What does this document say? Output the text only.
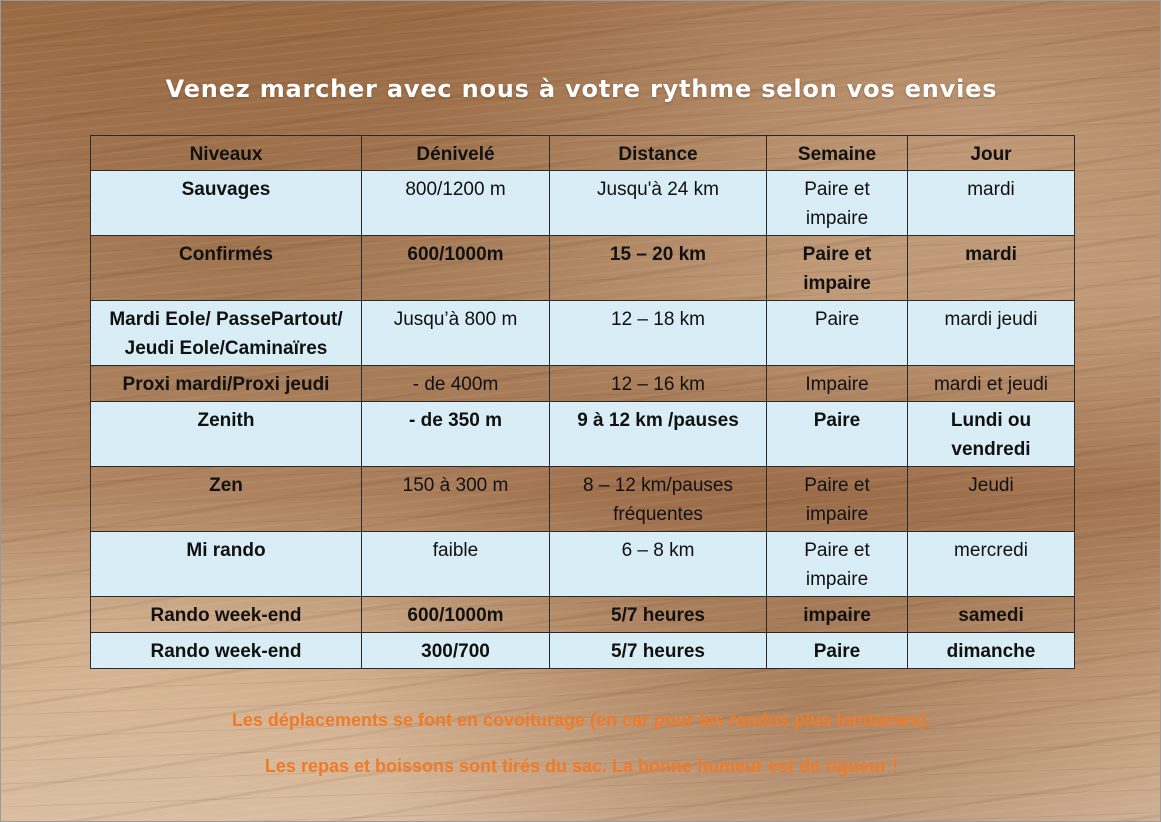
Venez marcher avec nous à votre rythme selon vos envies
Niveaux	Dénivelé	Distance	Semaine	Jour
Sauvages	800/1200 m	Jusqu'à 24 km	Paire et impaire	mardi
Confirmés	600/1000m	15 – 20 km	Paire et impaire	mardi
Mardi Eole/ PassePartout/ Jeudi Eole/Caminaïres	Jusqu’à 800 m	12 – 18 km	Paire	mardi jeudi
Proxi mardi/Proxi jeudi	- de 400m	12 – 16 km	Impaire	mardi et jeudi
Zenith	- de 350 m	9 à 12 km /pauses	Paire	Lundi ou vendredi
Zen	150 à 300 m	8 – 12 km/pauses fréquentes	Paire et impaire	Jeudi
Mi rando	faible	6 – 8 km	Paire et impaire	mercredi
Rando week-end	600/1000m	5/7 heures	impaire	samedi
Rando week-end	300/700	5/7 heures	Paire	dimanche
Les déplacements se font en covoiturage (en car pour les randos plus lointaines).
Les repas et boissons sont tirés du sac. La bonne humeur est de rigueur !
